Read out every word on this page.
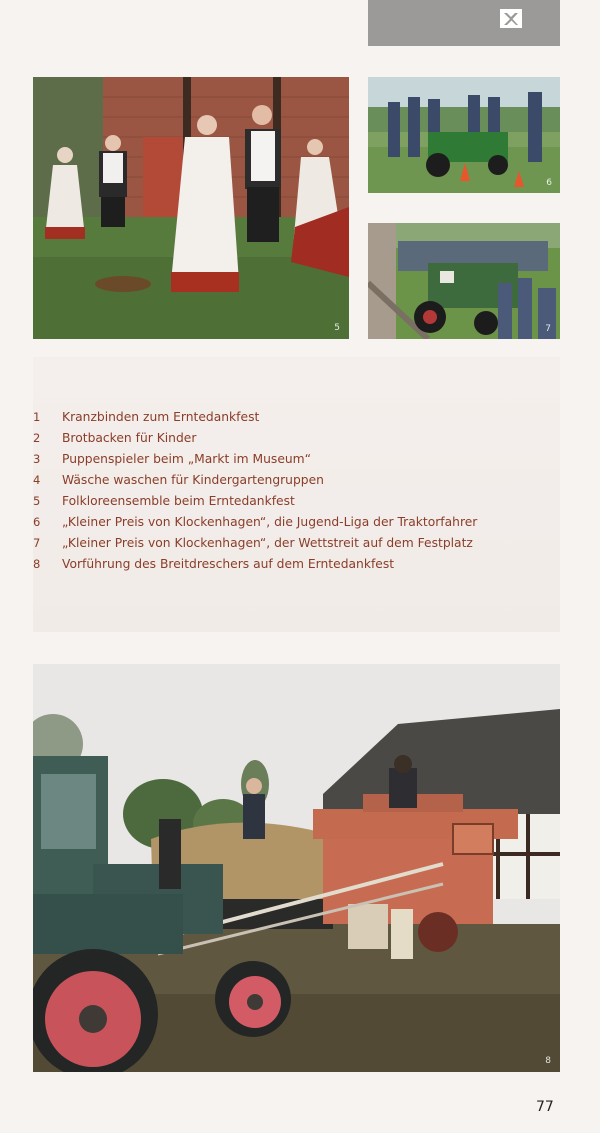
5
6
7
1	Kranzbinden zum Erntedankfest
2	Brotbacken für Kinder
3	Puppenspieler beim „Markt im Museum“
4	Wäsche waschen für Kindergartengruppen
5	Folkloreensemble beim Erntedankfest
6	„Kleiner Preis von Klockenhagen“, die Jugend-Liga der Traktorfahrer
7	„Kleiner Preis von Klockenhagen“, der Wettstreit auf dem Festplatz
8	Vorführung des Breitdreschers auf dem Erntedankfest
8
77
